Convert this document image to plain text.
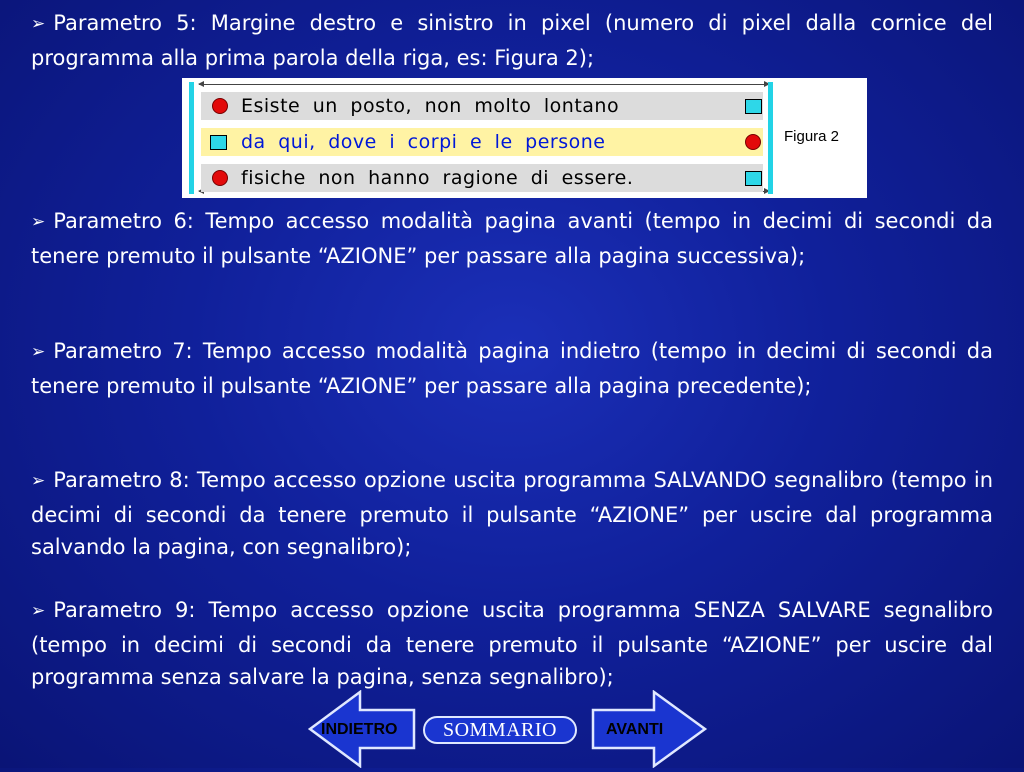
➢ Parametro 5: Margine destro e sinistro in pixel (numero di pixel dalla cornice del programma alla prima parola della riga, es: Figura 2);
Esiste un posto, non molto lontano
da qui, dove i corpi e le persone
fisiche non hanno ragione di essere.
Figura 2
➢ Parametro 6: Tempo accesso modalità pagina avanti (tempo in decimi di secondi da tenere premuto il pulsante “AZIONE” per passare alla pagina successiva);
➢ Parametro 7: Tempo accesso modalità pagina indietro (tempo in decimi di secondi da tenere premuto il pulsante “AZIONE” per passare alla pagina precedente);
➢ Parametro 8: Tempo accesso opzione uscita programma SALVANDO segnalibro (tempo in decimi di secondi da tenere premuto il pulsante “AZIONE” per uscire dal programma salvando la pagina, con segnalibro);
➢ Parametro 9: Tempo accesso opzione uscita programma SENZA SALVARE segnalibro (tempo in decimi di secondi da tenere premuto il pulsante “AZIONE” per uscire dal programma senza salvare la pagina, senza segnalibro);
INDIETRO	SOMMARIO	AVANTI
